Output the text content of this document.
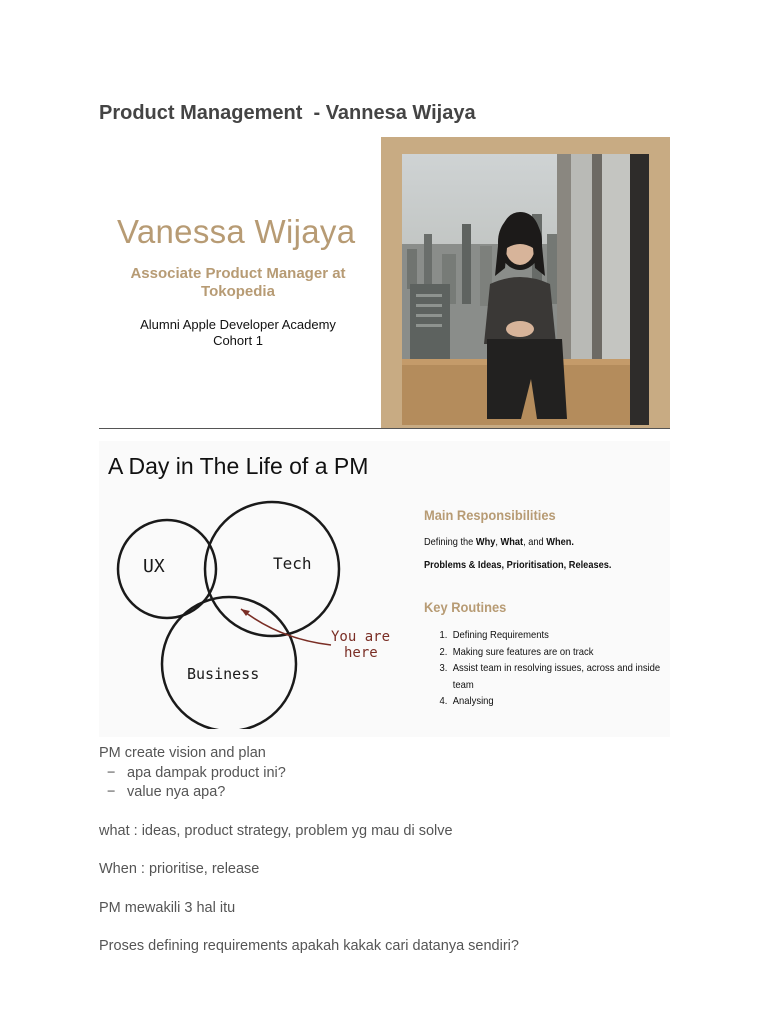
Product Management  - Vannesa Wijaya
Vanessa Wijaya
Associate Product Manager at
Tokopedia
Alumni Apple Developer Academy
Cohort 1
A Day in The Life of a PM
UX	Tech
Business
You are
here
Main Responsibilities
Defining the Why, What, and When.
Problems & Ideas, Prioritisation, Releases.
Key Routines
1. Defining Requirements
2. Making sure features are on track
3. Assist team in resolving issues, across and inside team
4. Analysing

PM create vision and plan

− apa dampak product ini?

− value nya apa?

what : ideas, product strategy, problem yg mau di solve

When : prioritise, release

PM mewakili 3 hal itu

Proses defining requirements apakah kakak cari datanya sendiri?
